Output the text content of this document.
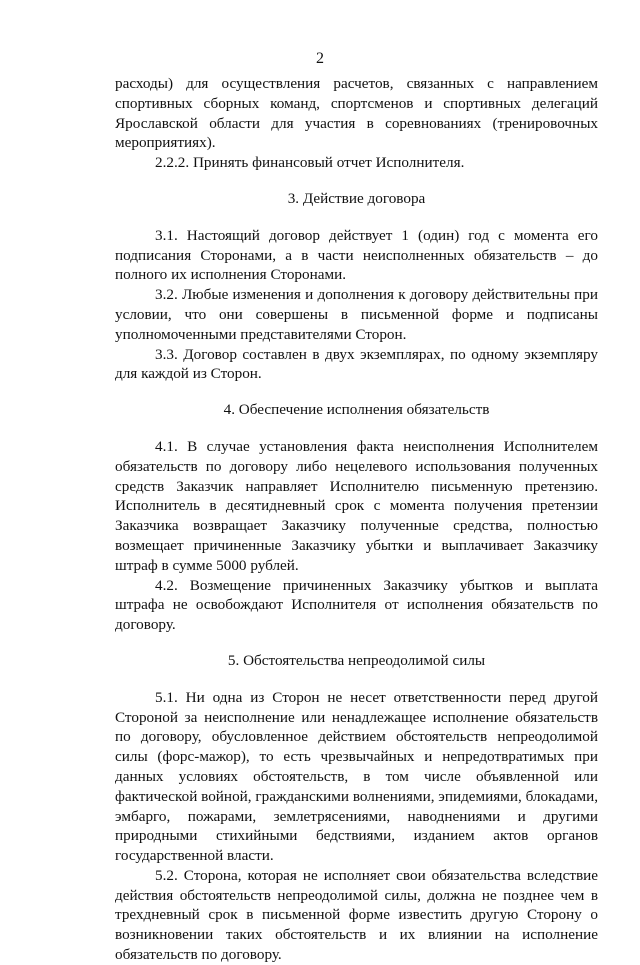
2

расходы) для осуществления расчетов, связанных с направлением спортивных сборных команд, спортсменов и спортивных делегаций Ярославской области для участия в соревнованиях (тренировочных мероприятиях).

2.2.2. Принять финансовый отчет Исполнителя.

3. Действие договора

3.1. Настоящий договор действует 1 (один) год с момента его подписания Сторонами, а в части неисполненных обязательств – до полного их исполнения Сторонами.

3.2. Любые изменения и дополнения к договору действительны при условии, что они совершены в письменной форме и подписаны уполномоченными представителями Сторон.

3.3. Договор составлен в двух экземплярах, по одному экземпляру для каждой из Сторон.

4. Обеспечение исполнения обязательств

4.1. В случае установления факта неисполнения Исполнителем обязательств по договору либо нецелевого использования полученных средств Заказчик направляет Исполнителю письменную претензию. Исполнитель в десятидневный срок с момента получения претензии Заказчика возвращает Заказчику полученные средства, полностью возмещает причиненные Заказчику убытки и выплачивает Заказчику штраф в сумме 5000 рублей.

4.2. Возмещение причиненных Заказчику убытков и выплата штрафа не освобождают Исполнителя от исполнения обязательств по договору.

5. Обстоятельства непреодолимой силы

5.1. Ни одна из Сторон не несет ответственности перед другой Стороной за неисполнение или ненадлежащее исполнение обязательств по договору, обусловленное действием обстоятельств непреодолимой силы (форс-мажор), то есть чрезвычайных и непредотвратимых при данных условиях обстоятельств, в том числе объявленной или фактической войной, гражданскими волнениями, эпидемиями, блокадами, эмбарго, пожарами, землетрясениями, наводнениями и другими природными стихийными бедствиями, изданием актов органов государственной власти.

5.2. Сторона, которая не исполняет свои обязательства вследствие действия обстоятельств непреодолимой силы, должна не позднее чем в трехдневный срок в письменной форме известить другую Сторону о возникновении таких обстоятельств и их влиянии на исполнение обязательств по договору.
